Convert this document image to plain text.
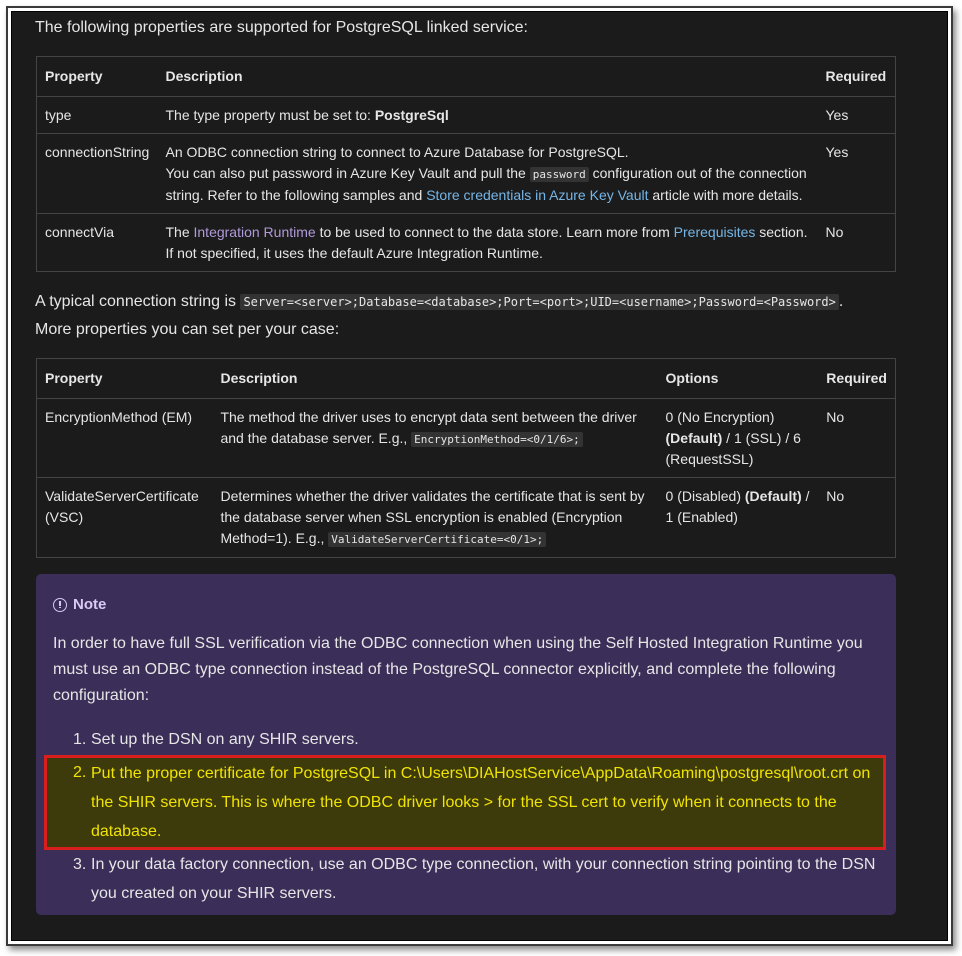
The following properties are supported for PostgreSQL linked service:
Property	Description	Required
type	The type property must be set to: PostgreSql	Yes
connectionString	An ODBC connection string to connect to Azure Database for PostgreSQL.
You can also put password in Azure Key Vault and pull the password configuration out of the connection string. Refer to the following samples and Store credentials in Azure Key Vault article with more details.	Yes
connectVia	The Integration Runtime to be used to connect to the data store. Learn more from Prerequisites section. If not specified, it uses the default Azure Integration Runtime.	No
A typical connection string is Server=<server>;Database=<database>;Port=<port>;UID=<username>;Password=<Password> .
More properties you can set per your case:
Property	Description	Options	Required
EncryptionMethod (EM)	The method the driver uses to encrypt data sent between the driver and the database server. E.g., EncryptionMethod=<0/1/6>;	0 (No Encryption) (Default) / 1 (SSL) / 6 (RequestSSL)	No
ValidateServerCertificate (VSC)	Determines whether the driver validates the certificate that is sent by the database server when SSL encryption is enabled (Encryption Method=1). E.g., ValidateServerCertificate=<0/1>;	0 (Disabled) (Default) / 1 (Enabled)	No
Note
In order to have full SSL verification via the ODBC connection when using the Self Hosted Integration Runtime you must use an ODBC type connection instead of the PostgreSQL connector explicitly, and complete the following configuration:
1. Set up the DSN on any SHIR servers.
2. Put the proper certificate for PostgreSQL in C:\Users\DIAHostService\AppData\Roaming\postgresql\root.crt on the SHIR servers. This is where the ODBC driver looks > for the SSL cert to verify when it connects to the database.
3. In your data factory connection, use an ODBC type connection, with your connection string pointing to the DSN you created on your SHIR servers.
